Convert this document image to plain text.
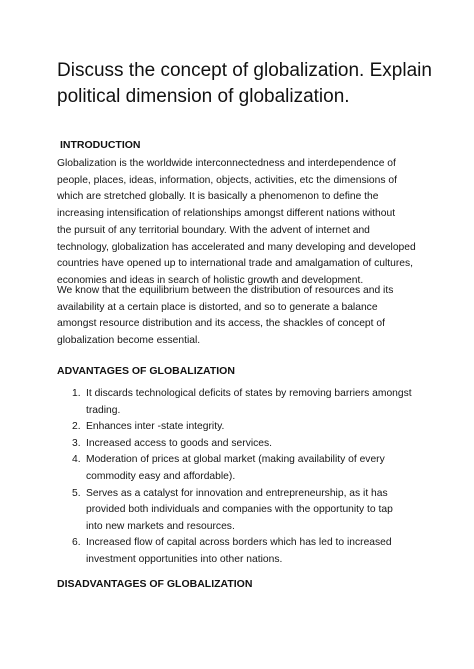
Discuss the concept of globalization. Explain
political dimension of globalization.
INTRODUCTION

Globalization is the worldwide interconnectedness and interdependence of
people, places, ideas, information, objects, activities, etc the dimensions of
which are stretched globally. It is basically a phenomenon to define the
increasing intensification of relationships amongst different nations without
the pursuit of any territorial boundary. With the advent of internet and
technology, globalization has accelerated and many developing and developed
countries have opened up to international trade and amalgamation of cultures,
economies and ideas in search of holistic growth and development.

We know that the equilibrium between the distribution of resources and its
availability at a certain place is distorted, and so to generate a balance
amongst resource distribution and its access, the shackles of concept of
globalization become essential.

ADVANTAGES OF GLOBALIZATION
1. It discards technological deficits of states by removing barriers amongst
trading.
2. Enhances inter -state integrity.
3. Increased access to goods and services.
4. Moderation of prices at global market (making availability of every
commodity easy and affordable).
5. Serves as a catalyst for innovation and entrepreneurship, as it has
provided both individuals and companies with the opportunity to tap
into new markets and resources.
6. Increased flow of capital across borders which has led to increased
investment opportunities into other nations.
DISADVANTAGES OF GLOBALIZATION
